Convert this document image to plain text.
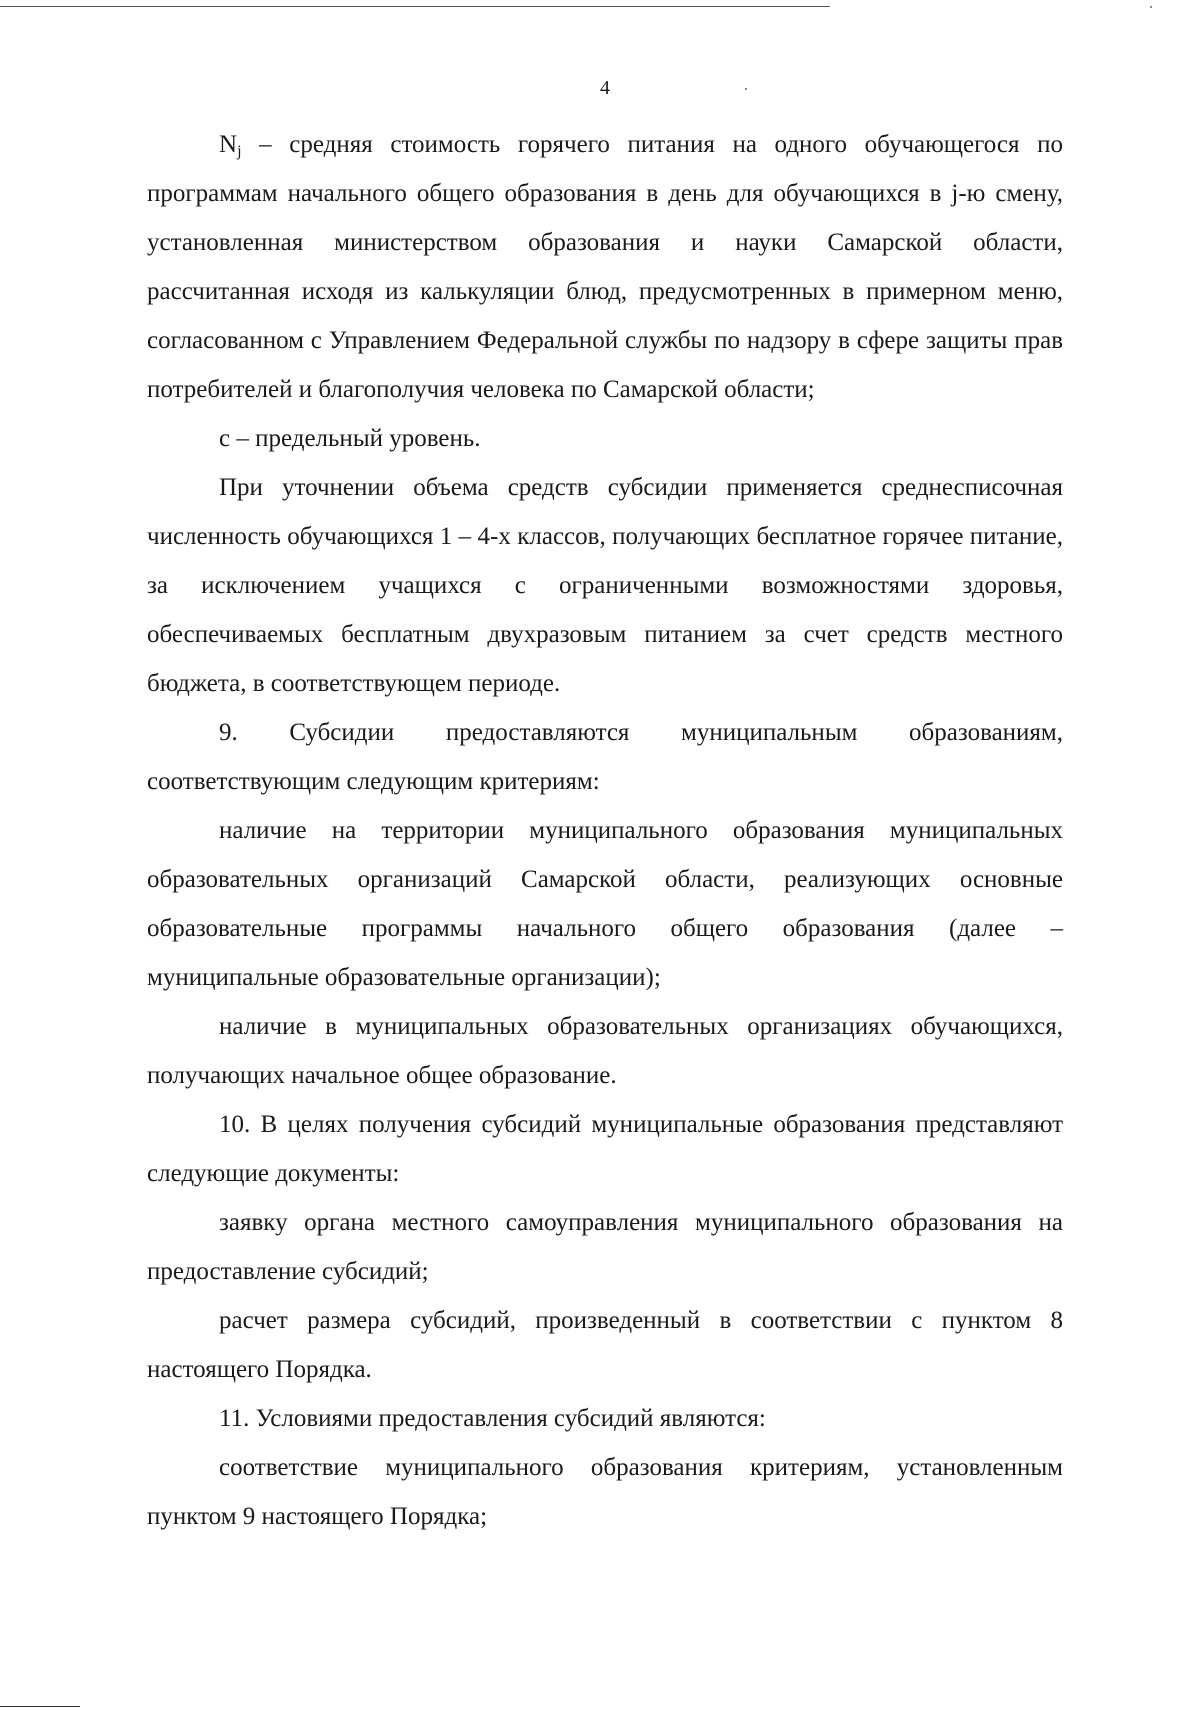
4

Nj – средняя стоимость горячего питания на одного обучающегося по программам начального общего образования в день для обучающихся в j-ю смену, установленная министерством образования и науки Самарской области, рассчитанная исходя из калькуляции блюд, предусмотренных в примерном меню, согласованном с Управлением Федеральной службы по надзору в сфере защиты прав потребителей и благополучия человека по Самарской области;

c – предельный уровень.

При уточнении объема средств субсидии применяется среднесписочная численность обучающихся 1 – 4-х классов, получающих бесплатное горячее питание, за исключением учащихся с ограниченными возможностями здоровья, обеспечиваемых бесплатным двухразовым питанием за счет средств местного бюджета, в соответствующем периоде.

9. Субсидии предоставляются муниципальным образованиям, соответствующим следующим критериям:

наличие на территории муниципального образования муниципальных образовательных организаций Самарской области, реализующих основные образовательные программы начального общего образования (далее – муниципальные образовательные организации);

наличие в муниципальных образовательных организациях обучающихся, получающих начальное общее образование.

10. В целях получения субсидий муниципальные образования представляют следующие документы:

заявку органа местного самоуправления муниципального образования на предоставление субсидий;

расчет размера субсидий, произведенный в соответствии с пунктом 8 настоящего Порядка.

11. Условиями предоставления субсидий являются:

соответствие муниципального образования критериям, установленным пунктом 9 настоящего Порядка;
